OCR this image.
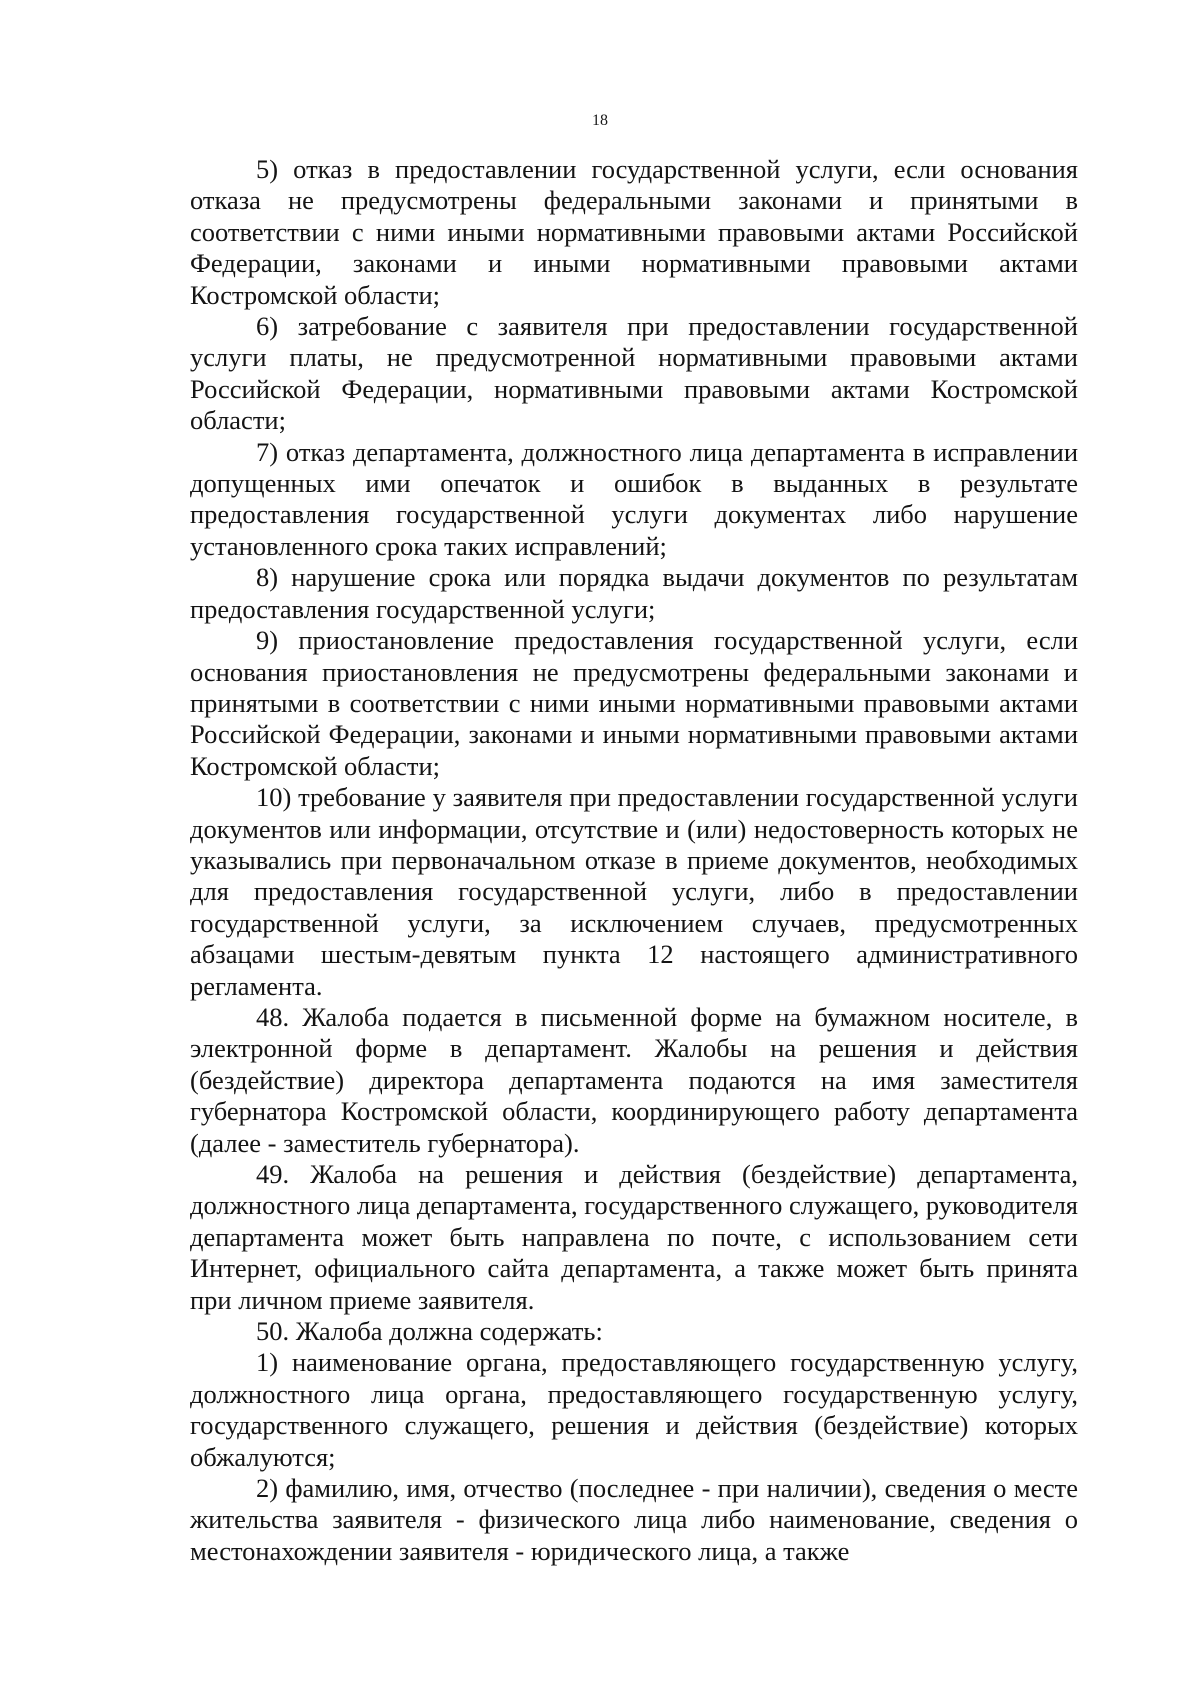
18

5) отказ в предоставлении государственной услуги, если основания отказа не предусмотрены федеральными законами и принятыми в соответствии с ними иными нормативными правовыми актами Российской Федерации, законами и иными нормативными правовыми актами Костромской области;

6) затребование с заявителя при предоставлении государственной услуги платы, не предусмотренной нормативными правовыми актами Российской Федерации, нормативными правовыми актами Костромской области;

7) отказ департамента, должностного лица департамента в исправлении допущенных ими опечаток и ошибок в выданных в результате предоставления государственной услуги документах либо нарушение установленного срока таких исправлений;

8) нарушение срока или порядка выдачи документов по результатам предоставления государственной услуги;

9) приостановление предоставления государственной услуги, если основания приостановления не предусмотрены федеральными законами и принятыми в соответствии с ними иными нормативными правовыми актами Российской Федерации, законами и иными нормативными правовыми актами Костромской области;

10) требование у заявителя при предоставлении государственной услуги документов или информации, отсутствие и (или) недостоверность которых не указывались при первоначальном отказе в приеме документов, необходимых для предоставления государственной услуги, либо в предоставлении государственной услуги, за исключением случаев, предусмотренных абзацами шестым-девятым пункта 12 настоящего административного регламента.

48. Жалоба подается в письменной форме на бумажном носителе, в электронной форме в департамент. Жалобы на решения и действия (бездействие) директора департамента подаются на имя заместителя губернатора Костромской области, координирующего работу департамента (далее - заместитель губернатора).

49. Жалоба на решения и действия (бездействие) департамента, должностного лица департамента, государственного служащего, руководителя департамента может быть направлена по почте, с использованием сети Интернет, официального сайта департамента, а также может быть принята при личном приеме заявителя.

50. Жалоба должна содержать:

1) наименование органа, предоставляющего государственную услугу, должностного лица органа, предоставляющего государственную услугу, государственного служащего, решения и действия (бездействие) которых обжалуются;

2) фамилию, имя, отчество (последнее - при наличии), сведения о месте жительства заявителя - физического лица либо наименование, сведения о местонахождении заявителя - юридического лица, а также
